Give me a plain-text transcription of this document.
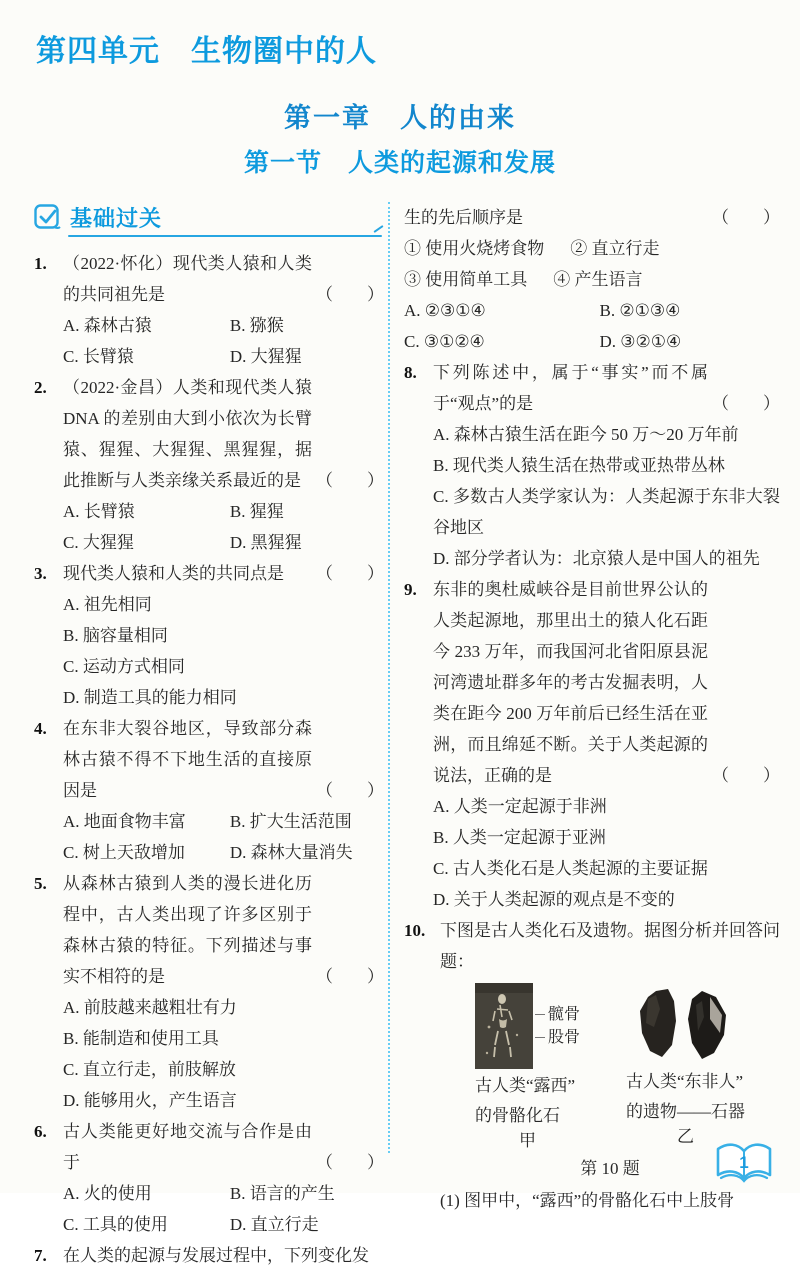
第四单元　生物圈中的人
第一章　人的由来
第一节　人类的起源和发展
基础过关
1. （2022·怀化）现代类人猿和人类的共同祖先是	（　　）
A. 森林古猿	B. 猕猴
C. 长臂猿	D. 大猩猩
2. （2022·金昌）人类和现代类人猿 DNA 的差别由大到小依次为长臂猿、猩猩、大猩猩、黑猩猩，据此推断与人类亲缘关系最近的是 （　　）
A. 长臂猿	B. 猩猩
C. 大猩猩	D. 黑猩猩
3. 现代类人猿和人类的共同点是	（　　）
A. 祖先相同
B. 脑容量相同
C. 运动方式相同
D. 制造工具的能力相同
4. 在东非大裂谷地区，导致部分森林古猿不得不下地生活的直接原因是	（　　）
A. 地面食物丰富	B. 扩大生活范围
C. 树上天敌增加	D. 森林大量消失
5. 从森林古猿到人类的漫长进化历程中，古人类出现了许多区别于森林古猿的特征。下列描述与事实不相符的是	（　　）
A. 前肢越来越粗壮有力
B. 能制造和使用工具
C. 直立行走，前肢解放
D. 能够用火，产生语言
6. 古人类能更好地交流与合作是由于	（　　）
A. 火的使用	B. 语言的产生
C. 工具的使用	D. 直立行走
7. 在人类的起源与发展过程中，下列变化发
生的先后顺序是	（　　）
① 使用火烧烤食物 ② 直立行走
③ 使用简单工具 ④ 产生语言
A. ②③①④	B. ②①③④
C. ③①②④	D. ③②①④
8. 下列陈述中，属于“事实”而不属于“观点”的是	（　　）
A. 森林古猿生活在距今 50 万～20 万年前
B. 现代类人猿生活在热带或亚热带丛林
C. 多数古人类学家认为：人类起源于东非大裂谷地区
D. 部分学者认为：北京猿人是中国人的祖先
9. 东非的奥杜威峡谷是目前世界公认的人类起源地，那里出土的猿人化石距今 233 万年，而我国河北省阳原县泥河湾遗址群多年的考古发掘表明，人类在距今 200 万年前后已经生活在亚洲，而且绵延不断。关于人类起源的说法，正确的是	（　　）
A. 人类一定起源于非洲
B. 人类一定起源于亚洲
C. 古人类化石是人类起源的主要证据
D. 关于人类起源的观点是不变的
10. 下图是古人类化石及遗物。据图分析并回答问题：
髋骨
股骨
古人类“露西”
的骨骼化石
甲
古人类“东非人”
的遗物——石器
乙
第 10 题
(1) 图甲中，“露西”的骨骼化石中上肢骨
1
